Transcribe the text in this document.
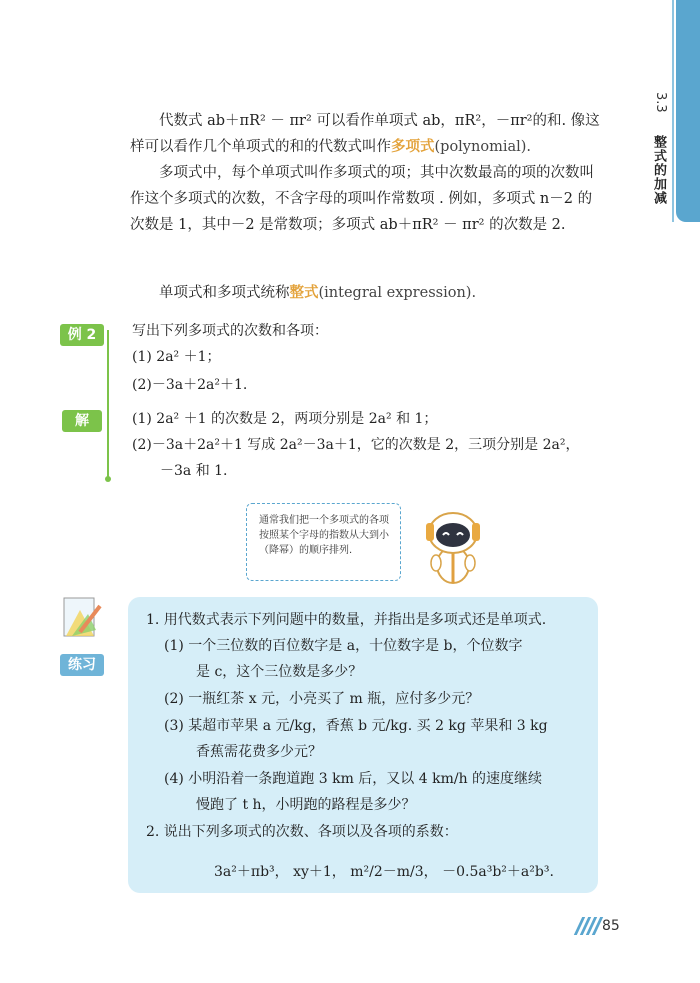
3.3
整式的加减
代数式 ab＋πR² － πr² 可以看作单项式 ab，πR²，－πr²的和. 像这样可以看作几个单项式的和的代数式叫作多项式(polynomial).
多项式中，每个单项式叫作多项式的项；其中次数最高的项的次数叫作这个多项式的次数，不含字母的项叫作常数项 . 例如，多项式 n－2 的次数是 1，其中－2 是常数项；多项式 ab＋πR² － πr² 的次数是 2.
单项式和多项式统称整式(integral expression).
例 2	写出下列多项式的次数和各项：
(1) 2a² ＋1；
(2)－3a＋2a²＋1.
解	(1) 2a² ＋1 的次数是 2，两项分别是 2a² 和 1；
(2)－3a＋2a²＋1 写成 2a²－3a＋1，它的次数是 2，三项分别是 2a²，
－3a 和 1.
通常我们把一个多项式的各项按照某个字母的指数从大到小（降幂）的顺序排列.
练习
1. 用代数式表示下列问题中的数量，并指出是多项式还是单项式.
(1) 一个三位数的百位数字是 a，十位数字是 b，个位数字
是 c，这个三位数是多少？
(2) 一瓶红茶 x 元，小亮买了 m 瓶，应付多少元？
(3) 某超市苹果 a 元/kg，香蕉 b 元/kg. 买 2 kg 苹果和 3 kg
香蕉需花费多少元？
(4) 小明沿着一条跑道跑 3 km 后，又以 4 km/h 的速度继续
慢跑了 t h，小明跑的路程是多少？
2. 说出下列多项式的次数、各项以及各项的系数：
3a²＋πb³， xy＋1， m²/2－m/3， －0.5a³b²＋a²b³.
85
